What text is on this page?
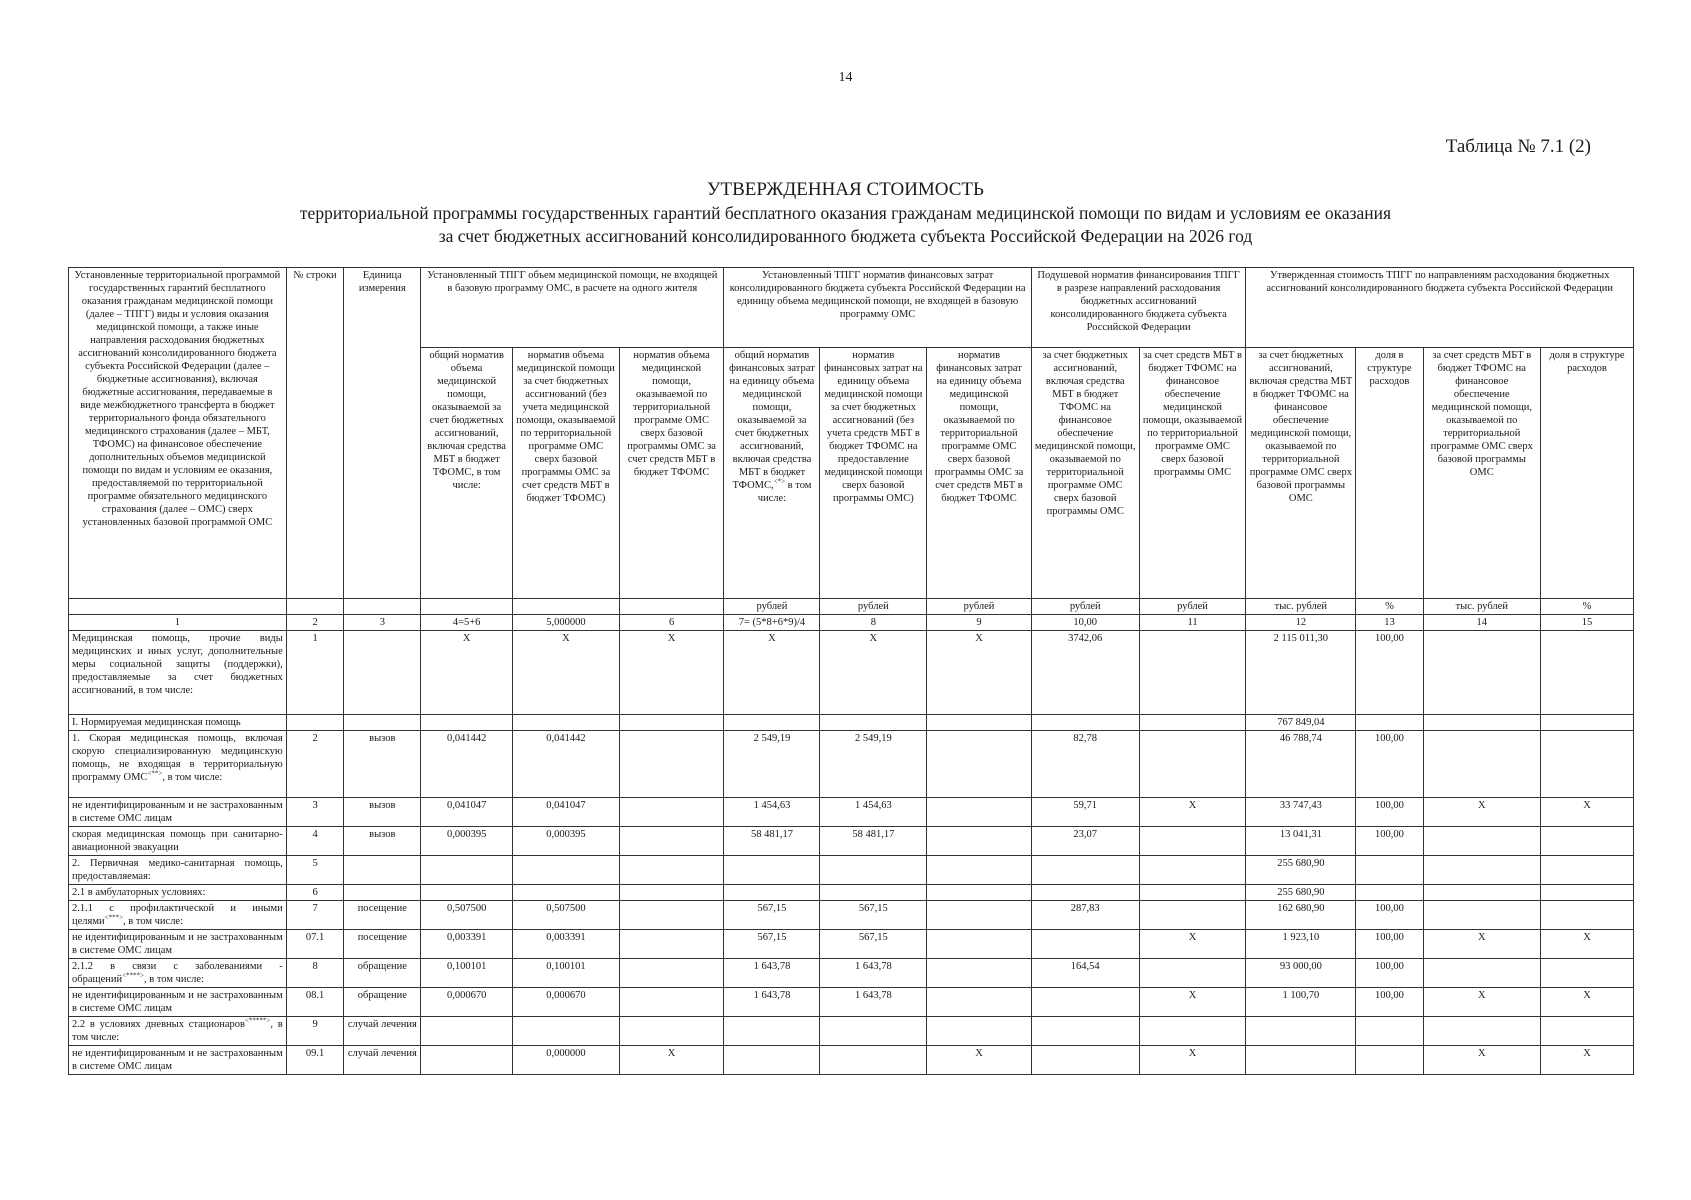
14
Таблица № 7.1 (2)
УТВЕРЖДЕННАЯ СТОИМОСТЬ
территориальной программы государственных гарантий бесплатного оказания гражданам медицинской помощи по видам и условиям ее оказания
за счет бюджетных ассигнований консолидированного бюджета субъекта Российской Федерации на 2026 год
Установленные территориальной программой государственных гарантий бесплатного оказания гражданам медицинской помощи (далее – ТПГГ) виды и условия оказания медицинской помощи, а также иные направления расходования бюджетных ассигнований консолидированного бюджета субъекта Российской Федерации (далее – бюджетные ассигнования), включая бюджетные ассигнования, передаваемые в виде межбюджетного трансферта в бюджет территориального фонда обязательного медицинского страхования (далее – МБТ, ТФОМС) на финансовое обеспечение дополнительных объемов медицинской помощи по видам и условиям ее оказания, предоставляемой по территориальной программе обязательного медицинского страхования (далее – ОМС) сверх установленных базовой программой ОМС	№ строки	Единица измерения	Установленный ТПГГ объем медицинской помощи, не входящей в базовую программу ОМС, в расчете на одного жителя			Установленный ТПГГ норматив финансовых затрат консолидированного бюджета субъекта Российской Федерации на единицу объема медицинской помощи, не входящей в базовую программу ОМС			Подушевой норматив финансирования ТПГГ в разрезе направлений расходования бюджетных ассигнований консолидированного бюджета субъекта Российской Федерации		Утвержденная стоимость ТПГГ по направлениям расходования бюджетных ассигнований консолидированного бюджета субъекта Российской Федерации			
			общий норматив объема медицинской помощи, оказываемой за счет бюджетных ассигнований, включая средства МБТ в бюджет ТФОМС, в том числе:	норматив объема медицинской помощи за счет бюджетных ассигнований (без учета медицинской помощи, оказываемой по территориальной программе ОМС сверх базовой программы ОМС за счет средств МБТ в бюджет ТФОМС)	норматив объема медицинской помощи, оказываемой по территориальной программе ОМС сверх базовой программы ОМС за счет средств МБТ в бюджет ТФОМС	общий норматив финансовых затрат на единицу объема медицинской помощи, оказываемой за счет бюджетных ассигнований, включая средства МБТ в бюджет ТФОМС,<*> в том числе:	норматив финансовых затрат на единицу объема медицинской помощи за счет бюджетных ассигнований (без учета средств МБТ в бюджет ТФОМС на предоставление медицинской помощи сверх базовой программы ОМС)	норматив финансовых затрат на единицу объема медицинской помощи, оказываемой по территориальной программе ОМС сверх базовой программы ОМС за счет средств МБТ в бюджет ТФОМС	за счет бюджетных ассигнований, включая средства МБТ в бюджет ТФОМС на финансовое обеспечение медицинской помощи, оказываемой по территориальной программе ОМС сверх базовой программы ОМС	за счет средств МБТ в бюджет ТФОМС на финансовое обеспечение медицинской помощи, оказываемой по территориальной программе ОМС сверх базовой программы ОМС	за счет бюджетных ассигнований, включая средства МБТ в бюджет ТФОМС на финансовое обеспечение медицинской помощи, оказываемой по территориальной программе ОМС сверх базовой программы ОМС	доля в структуре расходов	за счет средств МБТ в бюджет ТФОМС на финансовое обеспечение медицинской помощи, оказываемой по территориальной программе ОМС сверх базовой программы ОМС	доля в структуре расходов
						рублей	рублей	рублей	рублей	рублей	тыс. рублей	%	тыс. рублей	%
1	2	3	4=5+6	5,000000	6	7= (5*8+6*9)/4	8	9	10,00	11	12	13	14	15
Медицинская помощь, прочие виды медицинских и иных услуг, дополнительные меры социальной защиты (поддержки), предоставляемые за счет бюджетных ассигнований, в том числе:	1		X	X	X	X	X	X	3742,06		2 115 011,30	100,00		
I. Нормируемая медицинская помощь											767 849,04			
1. Скорая медицинская помощь, включая скорую специализированную медицинскую помощь, не входящая в территориальную программу ОМС<**>, в том числе:	2	вызов	0,041442	0,041442		2 549,19	2 549,19		82,78		46 788,74	100,00		
не идентифицированным и не застрахованным в системе ОМС лицам	3	вызов	0,041047	0,041047		1 454,63	1 454,63		59,71	X	33 747,43	100,00	X	X
скорая медицинская помощь при санитарно-авиационной эвакуации	4	вызов	0,000395	0,000395		58 481,17	58 481,17		23,07		13 041,31	100,00		
2. Первичная медико-санитарная помощь, предоставляемая:	5										255 680,90			
2.1 в амбулаторных условиях:	6										255 680,90			
2.1.1 с профилактической и иными целями<***>, в том числе:	7	посещение	0,507500	0,507500		567,15	567,15		287,83		162 680,90	100,00		
не идентифицированным и не застрахованным в системе ОМС лицам	07.1	посещение	0,003391	0,003391		567,15	567,15			X	1 923,10	100,00	X	X
2.1.2 в связи с заболеваниями - обращений<****>, в том числе:	8	обращение	0,100101	0,100101		1 643,78	1 643,78		164,54		93 000,00	100,00		
не идентифицированным и не застрахованным в системе ОМС лицам	08.1	обращение	0,000670	0,000670		1 643,78	1 643,78			X	1 100,70	100,00	X	X
2.2 в условиях дневных стационаров<*****>, в том числе:	9	случай лечения												
не идентифицированным и не застрахованным в системе ОМС лицам	09.1	случай лечения		0,000000	X			X		X			X	X
